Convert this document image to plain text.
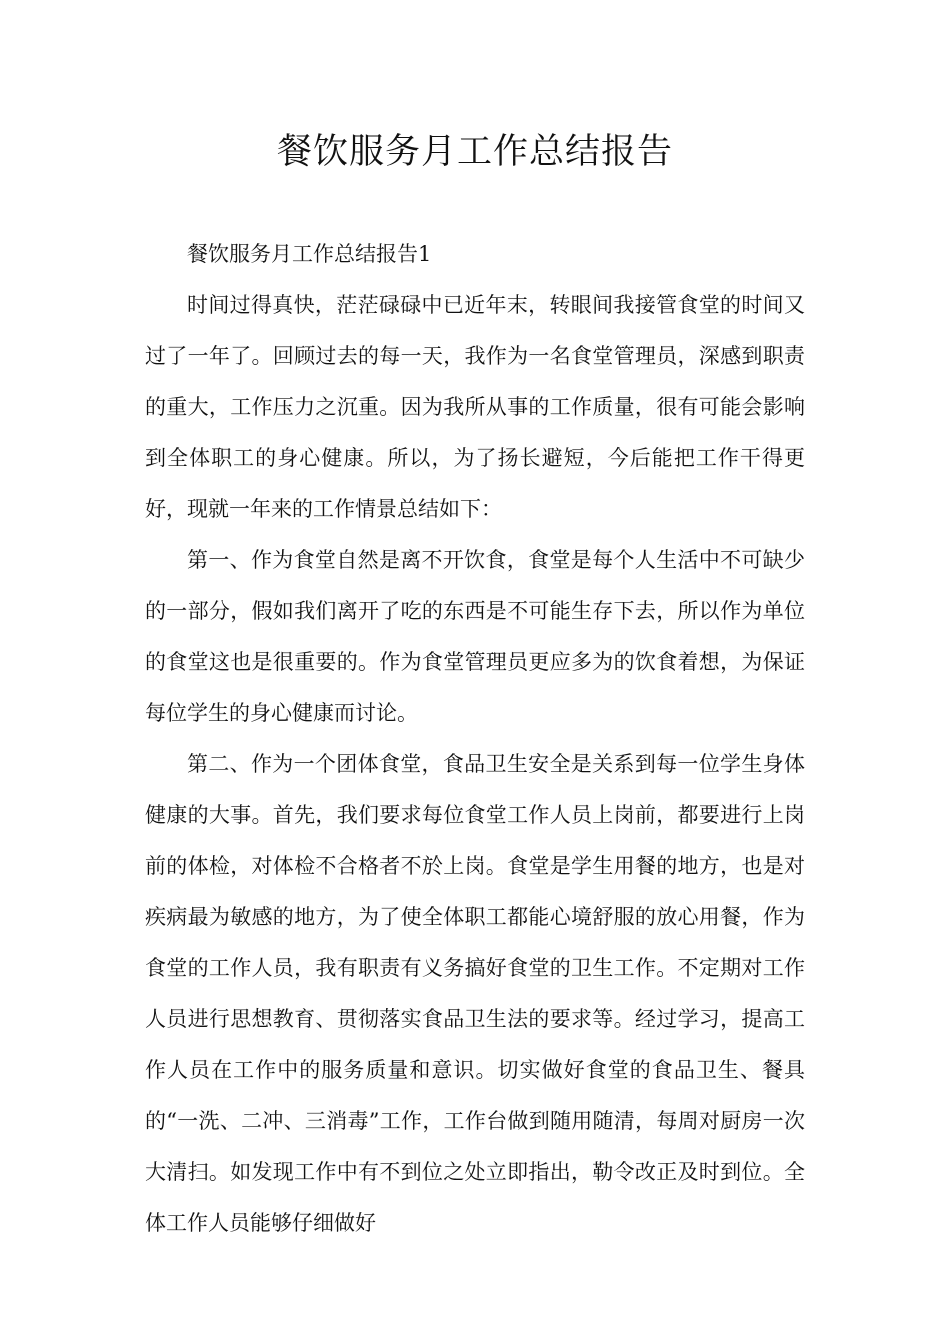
餐饮服务月工作总结报告

餐饮服务月工作总结报告1

时间过得真快，茫茫碌碌中已近年末，转眼间我接管食堂的时间又过了一年了。回顾过去的每一天，我作为一名食堂管理员，深感到职责的重大，工作压力之沉重。因为我所从事的工作质量，很有可能会影响到全体职工的身心健康。所以，为了扬长避短，今后能把工作干得更好，现就一年来的工作情景总结如下：

第一、作为食堂自然是离不开饮食，食堂是每个人生活中不可缺少的一部分，假如我们离开了吃的东西是不可能生存下去，所以作为单位的食堂这也是很重要的。作为食堂管理员更应多为的饮食着想，为保证每位学生的身心健康而讨论。

第二、作为一个团体食堂，食品卫生安全是关系到每一位学生身体健康的大事。首先，我们要求每位食堂工作人员上岗前，都要进行上岗前的体检，对体检不合格者不於上岗。食堂是学生用餐的地方，也是对疾病最为敏感的地方，为了使全体职工都能心境舒服的放心用餐，作为食堂的工作人员，我有职责有义务搞好食堂的卫生工作。不定期对工作人员进行思想教育、贯彻落实食品卫生法的要求等。经过学习，提高工作人员在工作中的服务质量和意识。切实做好食堂的食品卫生、餐具的“一洗、二冲、三消毒”工作，工作台做到随用随清，每周对厨房一次大清扫。如发现工作中有不到位之处立即指出，勒令改正及时到位。全体工作人员能够仔细做好
